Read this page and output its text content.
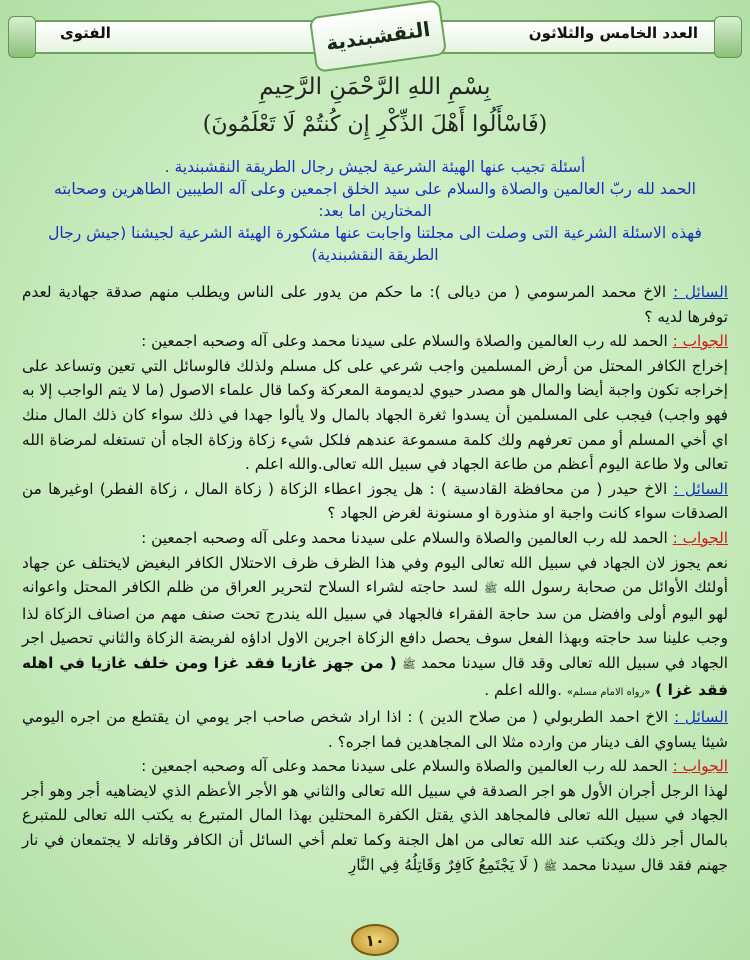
الفتوى	العدد الخامس والثلاثون
النقشبندية
بِسْمِ اللهِ الرَّحْمَنِ الرَّحِيمِ
(فَاسْأَلُوا أَهْلَ الذِّكْرِ إِن كُنتُمْ لَا تَعْلَمُونَ)

أسئلة تجيب عنها الهيئة الشرعية لجيش رجال الطريقة النقشبندية .

الحمد لله ربّ العالمين والصلاة والسلام على سيد الخلق اجمعين وعلى آله الطيبين الطاهرين وصحابته المختارين اما بعد:

فهذه الاسئلة الشرعية التى وصلت الى مجلتنا واجابت عنها مشكورة الهيئة الشرعية لجيشنا (جيش رجال الطريقة النقشبندية)

السائل : الاخ محمد المرسومي ( من ديالى ): ما حكم من يدور على الناس ويطلب منهم صدقة جهادية لعدم توفرها لديه ؟

الجواب : الحمد لله رب العالمين والصلاة والسلام على سيدنا محمد وعلى آله وصحبه اجمعين :

إخراج الكافر المحتل من أرض المسلمين واجب شرعي على كل مسلم ولذلك فالوسائل التي تعين وتساعد على إخراجه تكون واجبة أيضا والمال هو مصدر حيوي لديمومة المعركة وكما قال علماء الاصول (ما لا يتم الواجب إلا به فهو واجب) فيجب على المسلمين أن يسدوا ثغرة الجهاد بالمال ولا يألوا جهدا في ذلك سواء كان ذلك المال منك اي أخي المسلم أو ممن تعرفهم ولك كلمة مسموعة عندهم فلكل شيء زكاة وزكاة الجاه أن تستغله لمرضاة الله تعالى ولا طاعة اليوم أعظم من طاعة الجهاد في سبيل الله تعالى.والله اعلم .

السائل : الاخ حيدر ( من محافظة القادسية ) : هل يجوز اعطاء الزكاة ( زكاة المال ، زكاة الفطر) اوغيرها من الصدقات سواء كانت واجبة او منذورة او مسنونة لغرض الجهاد ؟

الجواب : الحمد لله رب العالمين والصلاة والسلام على سيدنا محمد وعلى آله وصحبه اجمعين :

نعم يجوز لان الجهاد في سبيل الله تعالى اليوم وفي هذا الظرف ظرف الاحتلال الكافر البغيض لايختلف عن جهاد أولئك الأوائل من صحابة رسول الله ﷺ لسد حاجته لشراء السلاح لتحرير العراق من ظلم الكافر المحتل واعوانه لهو اليوم أولى وافضل من سد حاجة الفقراء فالجهاد في سبيل الله يندرج تحت صنف مهم من اصناف الزكاة لذا وجب علينا سد حاجته وبهذا الفعل سوف يحصل دافع الزكاة اجرين الاول اداؤه لفريضة الزكاة والثاني تحصيل اجر الجهاد في سبيل الله تعالى وقد قال سيدنا محمد ﷺ ( من جهز غازيا فقد غزا ومن خلف غازيا في اهله فقد غزا ) «رواه الامام مسلم» .والله اعلم .

السائل : الاخ احمد الطربولي ( من صلاح الدين ) : اذا اراد شخص صاحب اجر يومي ان يقتطع من اجره اليومي شيئا يساوي الف دينار من وارده مثلا الى المجاهدين فما اجره؟ .

الجواب : الحمد لله رب العالمين والصلاة والسلام على سيدنا محمد وعلى آله وصحبه اجمعين :

لهذا الرجل أجران الأول هو اجر الصدقة في سبيل الله تعالى والثاني هو الأجر الأعظم الذي لايضاهيه أجر وهو أجر الجهاد في سبيل الله تعالى فالمجاهد الذي يقتل الكفرة المحتلين بهذا المال المتبرع به يكتب الله تعالى للمتبرع بالمال أجر ذلك ويكتب عند الله تعالى من اهل الجنة وكما تعلم أخي السائل أن الكافر وقاتله لا يجتمعان في نار جهنم فقد قال سيدنا محمد ﷺ ( لَا يَجْتَمِعُ كَافِرٌ وَقَاتِلُهُ فِي النَّارِ

١٠
